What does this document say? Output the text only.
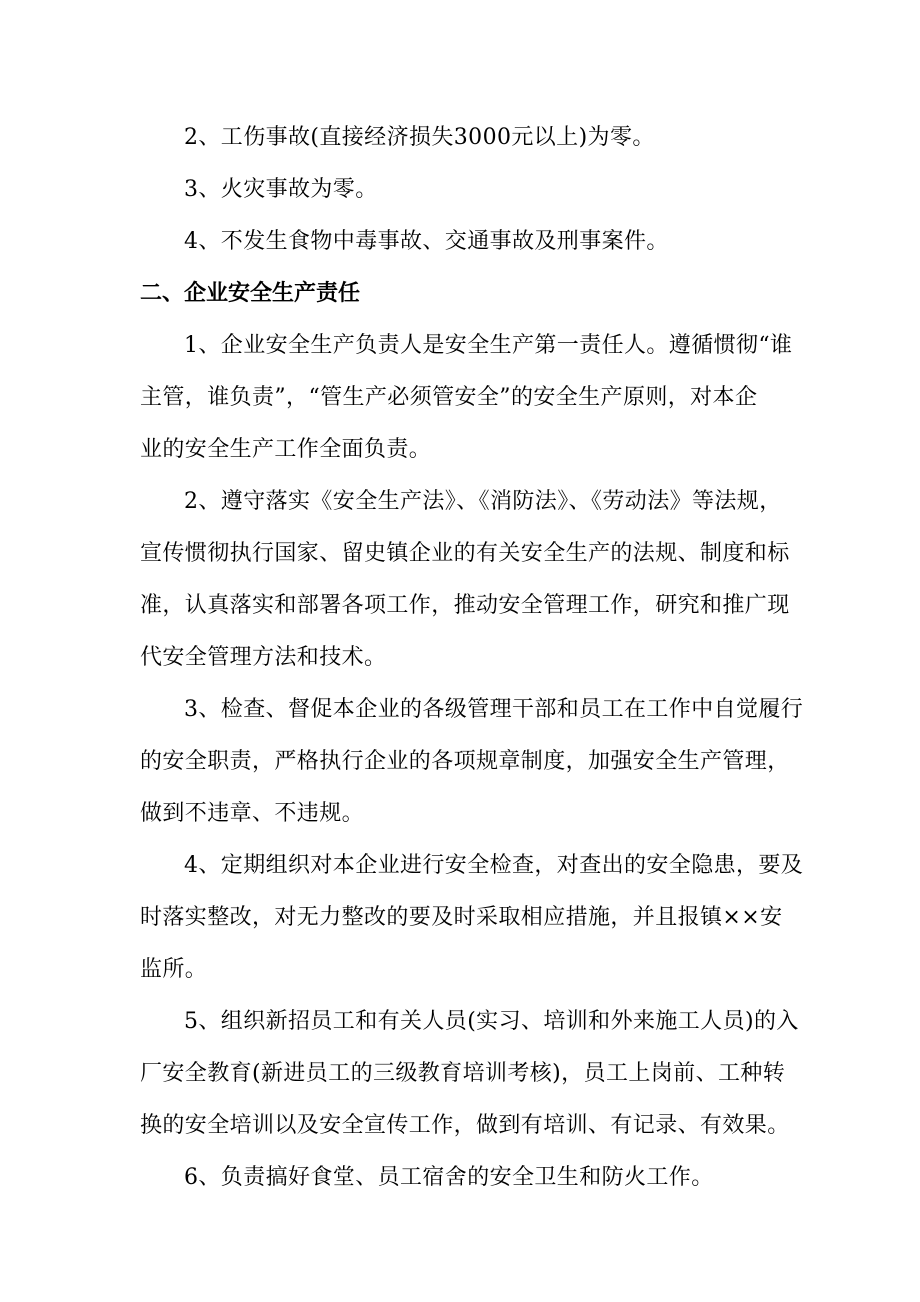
2、工伤事故(直接经济损失3000元以上)为零。

3、火灾事故为零。

4、不发生食物中毒事故、交通事故及刑事案件。

二、企业安全生产责任

1、企业安全生产负责人是安全生产第一责任人。遵循惯彻“谁

主管，谁负责”，“管生产必须管安全”的安全生产原则，对本企

业的安全生产工作全面负责。

2、遵守落实《安全生产法》、《消防法》、《劳动法》等法规，

宣传惯彻执行国家、留史镇企业的有关安全生产的法规、制度和标

准，认真落实和部署各项工作，推动安全管理工作，研究和推广现

代安全管理方法和技术。

3、检查、督促本企业的各级管理干部和员工在工作中自觉履行

的安全职责，严格执行企业的各项规章制度，加强安全生产管理，

做到不违章、不违规。

4、定期组织对本企业进行安全检查，对查出的安全隐患，要及

时落实整改，对无力整改的要及时采取相应措施，并且报镇××安

监所。

5、组织新招员工和有关人员(实习、培训和外来施工人员)的入

厂安全教育(新进员工的三级教育培训考核)，员工上岗前、工种转

换的安全培训以及安全宣传工作，做到有培训、有记录、有效果。

6、负责搞好食堂、员工宿舍的安全卫生和防火工作。
